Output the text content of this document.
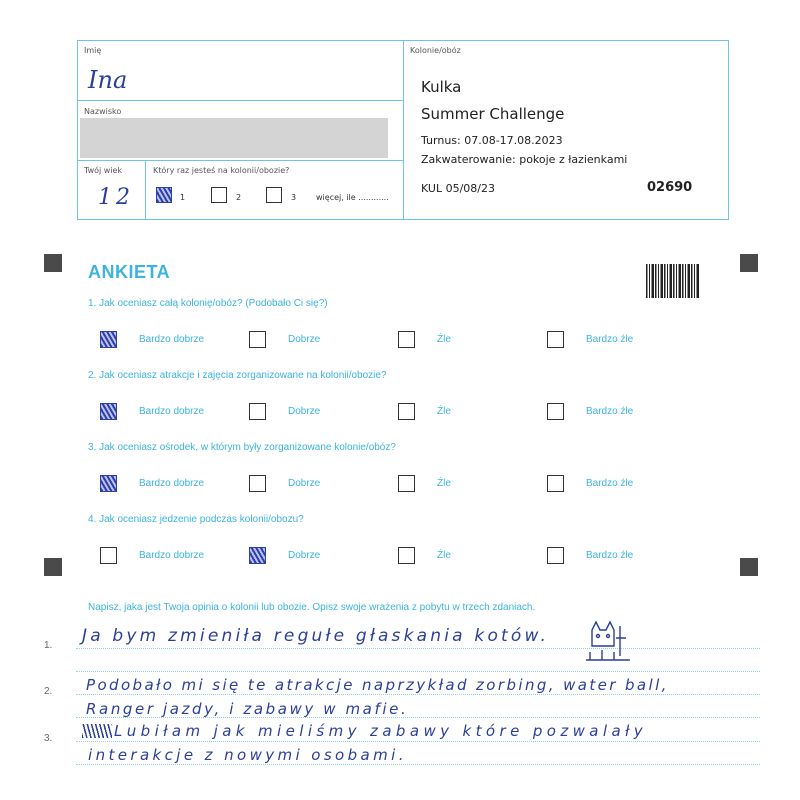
Imię
Ina
Nazwisko
Twój wiek
12
Który raz jesteś na kolonii/obozie?
1	2	3 więcej, ile ............
Kolonie/obóz
Kulka
Summer Challenge
Turnus: 07.08-17.08.2023
Zakwaterowanie: pokoje z łazienkami
KUL 05/08/23	02690
ANKIETA
1. Jak oceniasz całą kolonię/obóz? (Podobało Ci się?)
Bardzo dobrze	Dobrze	Źle	Bardzo źle
2. Jak oceniasz atrakcje i zajęcia zorganizowane na kolonii/obozie?
Bardzo dobrze	Dobrze	Źle	Bardzo źle
3. Jak oceniasz ośrodek, w którym były zorganizowane kolonie/obóz?
Bardzo dobrze	Dobrze	Źle	Bardzo źle
4. Jak oceniasz jedzenie podczas kolonii/obozu?
Bardzo dobrze	Dobrze	Źle	Bardzo źle
Napisz, jaka jest Twoja opinia o kolonii lub obozie. Opisz swoje wrażenia z pobytu w trzech zdaniach.
1.
2.
3.
Ja bym zmieniła regułe głaskania kotów.
Podobało mi się te atrakcje naprzykład zorbing, water ball,
Ranger jazdy, i zabawy w mafie.
Lubiłam jak mieliśmy zabawy które pozwalały
interakcje z nowymi osobami.
